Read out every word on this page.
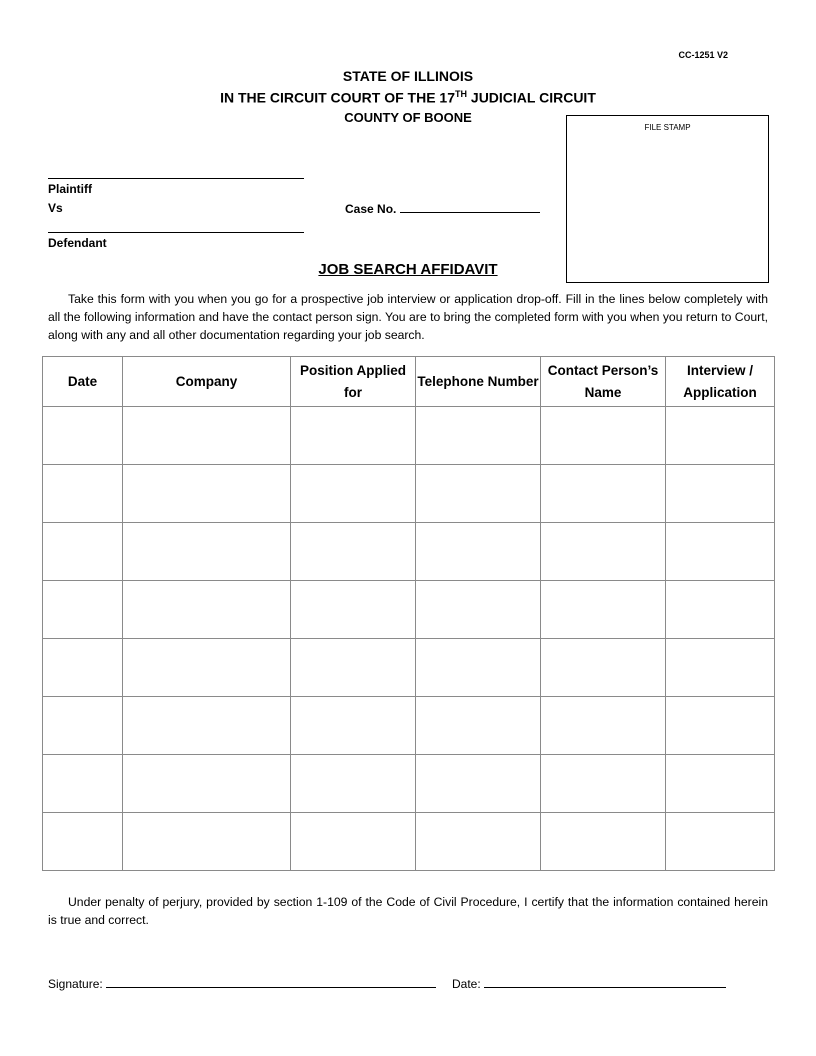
CC-1251 V2
STATE OF ILLINOIS
IN THE CIRCUIT COURT OF THE 17TH JUDICIAL CIRCUIT
COUNTY OF BOONE
FILE STAMP
Plaintiff
Vs
Defendant
Case No.
JOB SEARCH AFFIDAVIT
Take this form with you when you go for a prospective job interview or application drop-off. Fill in the lines below completely with all the following information and have the contact person sign. You are to bring the completed form with you when you return to Court, along with any and all other documentation regarding your job search.
Date	Company	Position Applied for	Telephone Number	Contact Person’s Name	Interview / Application

Under penalty of perjury, provided by section 1-109 of the Code of Civil Procedure, I certify that the information contained herein is true and correct.
Signature:	Date:
